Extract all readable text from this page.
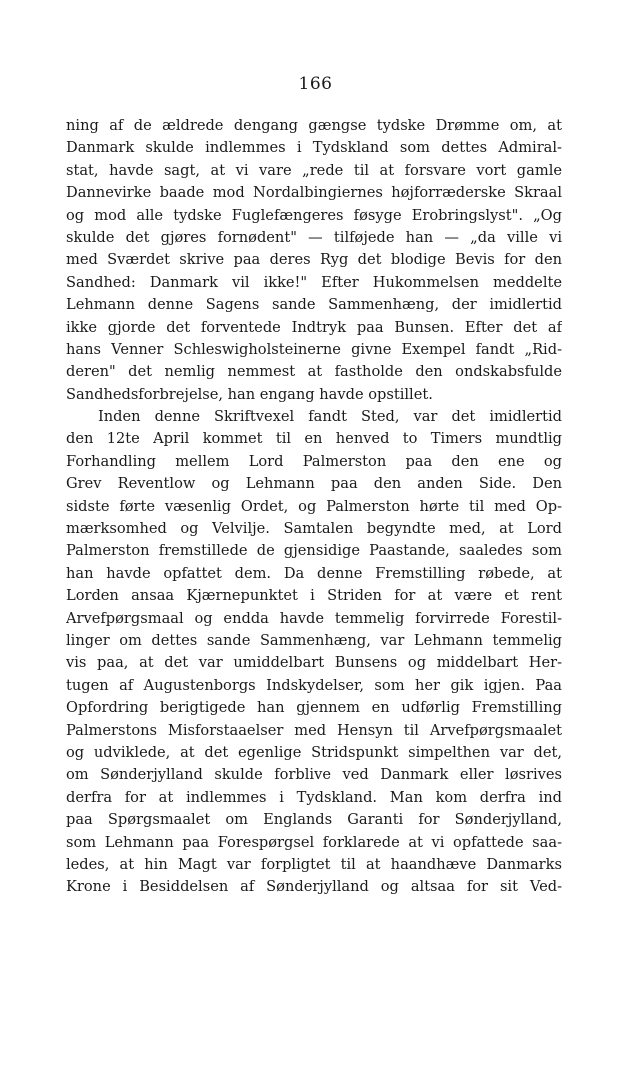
166
ning af de ældrede dengang gængse tydske Drømme om, at
Danmark skulde indlemmes i Tydskland som dettes Admiral-
stat, havde sagt, at vi vare „rede til at forsvare vort gamle
Dannevirke baade mod Nordalbingiernes højforræderske Skraal
og mod alle tydske Fuglefængeres føsyge Erobringslyst". „Og
skulde det gjøres fornødent" — tilføjede han — „da ville vi
med Sværdet skrive paa deres Ryg det blodige Bevis for den
Sandhed: Danmark vil ikke!" Efter Hukommelsen meddelte
Lehmann denne Sagens sande Sammenhæng, der imidlertid
ikke gjorde det forventede Indtryk paa Bunsen. Efter det af
hans Venner Schleswigholsteinerne givne Exempel fandt „Rid-
deren" det nemlig nemmest at fastholde den ondskabsfulde
Sandhedsforbrejelse, han engang havde opstillet.
Inden denne Skriftvexel fandt Sted, var det imidlertid
den 12te April kommet til en henved to Timers mundtlig
Forhandling mellem Lord Palmerston paa den ene og
Grev Reventlow og Lehmann paa den anden Side. Den
sidste førte væsenlig Ordet, og Palmerston hørte til med Op-
mærksomhed og Velvilje. Samtalen begyndte med, at Lord
Palmerston fremstillede de gjensidige Paastande, saaledes som
han havde opfattet dem. Da denne Fremstilling røbede, at
Lorden ansaa Kjærnepunktet i Striden for at være et rent
Arvefpørgsmaal og endda havde temmelig forvirrede Forestil-
linger om dettes sande Sammenhæng, var Lehmann temmelig
vis paa, at det var umiddelbart Bunsens og middelbart Her-
tugen af Augustenborgs Indskydelser, som her gik igjen. Paa
Opfordring berigtigede han gjennem en udførlig Fremstilling
Palmerstons Misforstaaelser med Hensyn til Arvefpørgsmaalet
og udviklede, at det egenlige Stridspunkt simpelthen var det,
om Sønderjylland skulde forblive ved Danmark eller løsrives
derfra for at indlemmes i Tydskland. Man kom derfra ind
paa Spørgsmaalet om Englands Garanti for Sønderjylland,
som Lehmann paa Forespørgsel forklarede at vi opfattede saa-
ledes, at hin Magt var forpligtet til at haandhæve Danmarks
Krone i Besiddelsen af Sønderjylland og altsaa for sit Ved-
